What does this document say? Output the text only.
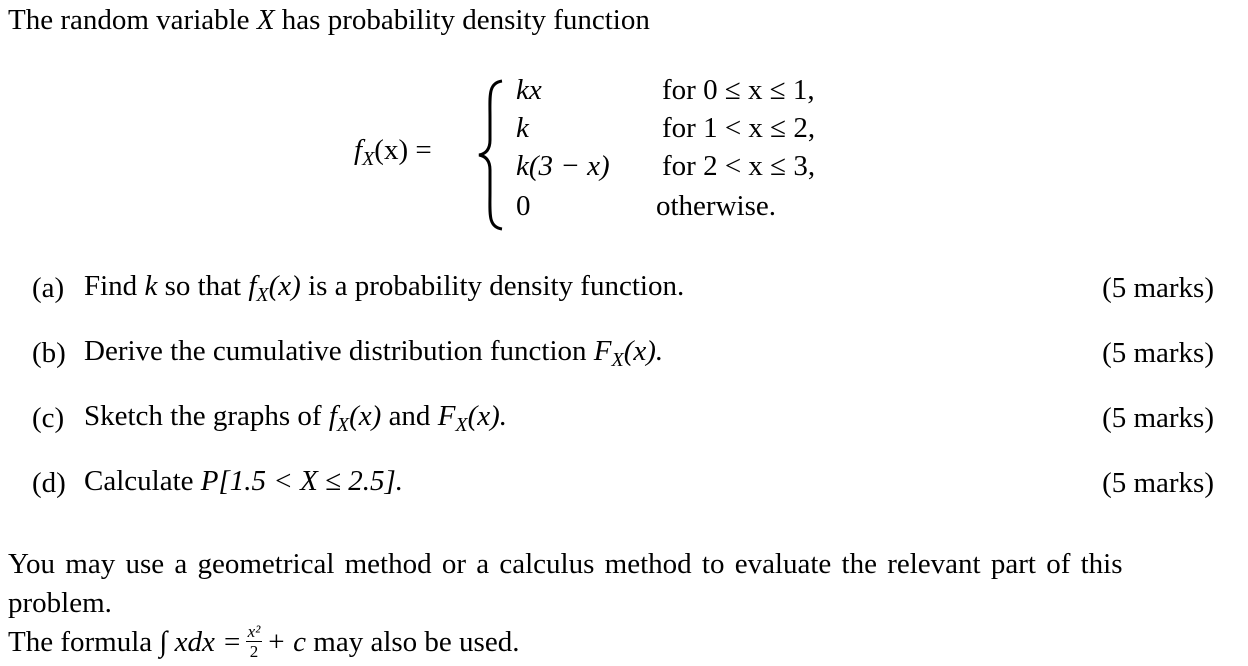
The random variable X has probability density function
$f_X(x)$ =
kx	for 0 ≤ x ≤ 1,
k	for 1 < x ≤ 2,
k(3 − x) for 2 < x ≤ 3,
0	otherwise.
(a) Find k so that $f_X(x)$ is a probability density function.	(5 marks)
(b) Derive the cumulative distribution function $F_X(x)$.	(5 marks)
(c) Sketch the graphs of $f_X(x)$ and $F_X(x)$.	(5 marks)
(d) Calculate P[1.5 < X ≤ 2.5].	(5 marks)
You may use a geometrical method or a calculus method to evaluate the relevant part of this
problem.
The formula ∫ xdx = $\frac{\text{x²}}{2} + c$ may also be used.
